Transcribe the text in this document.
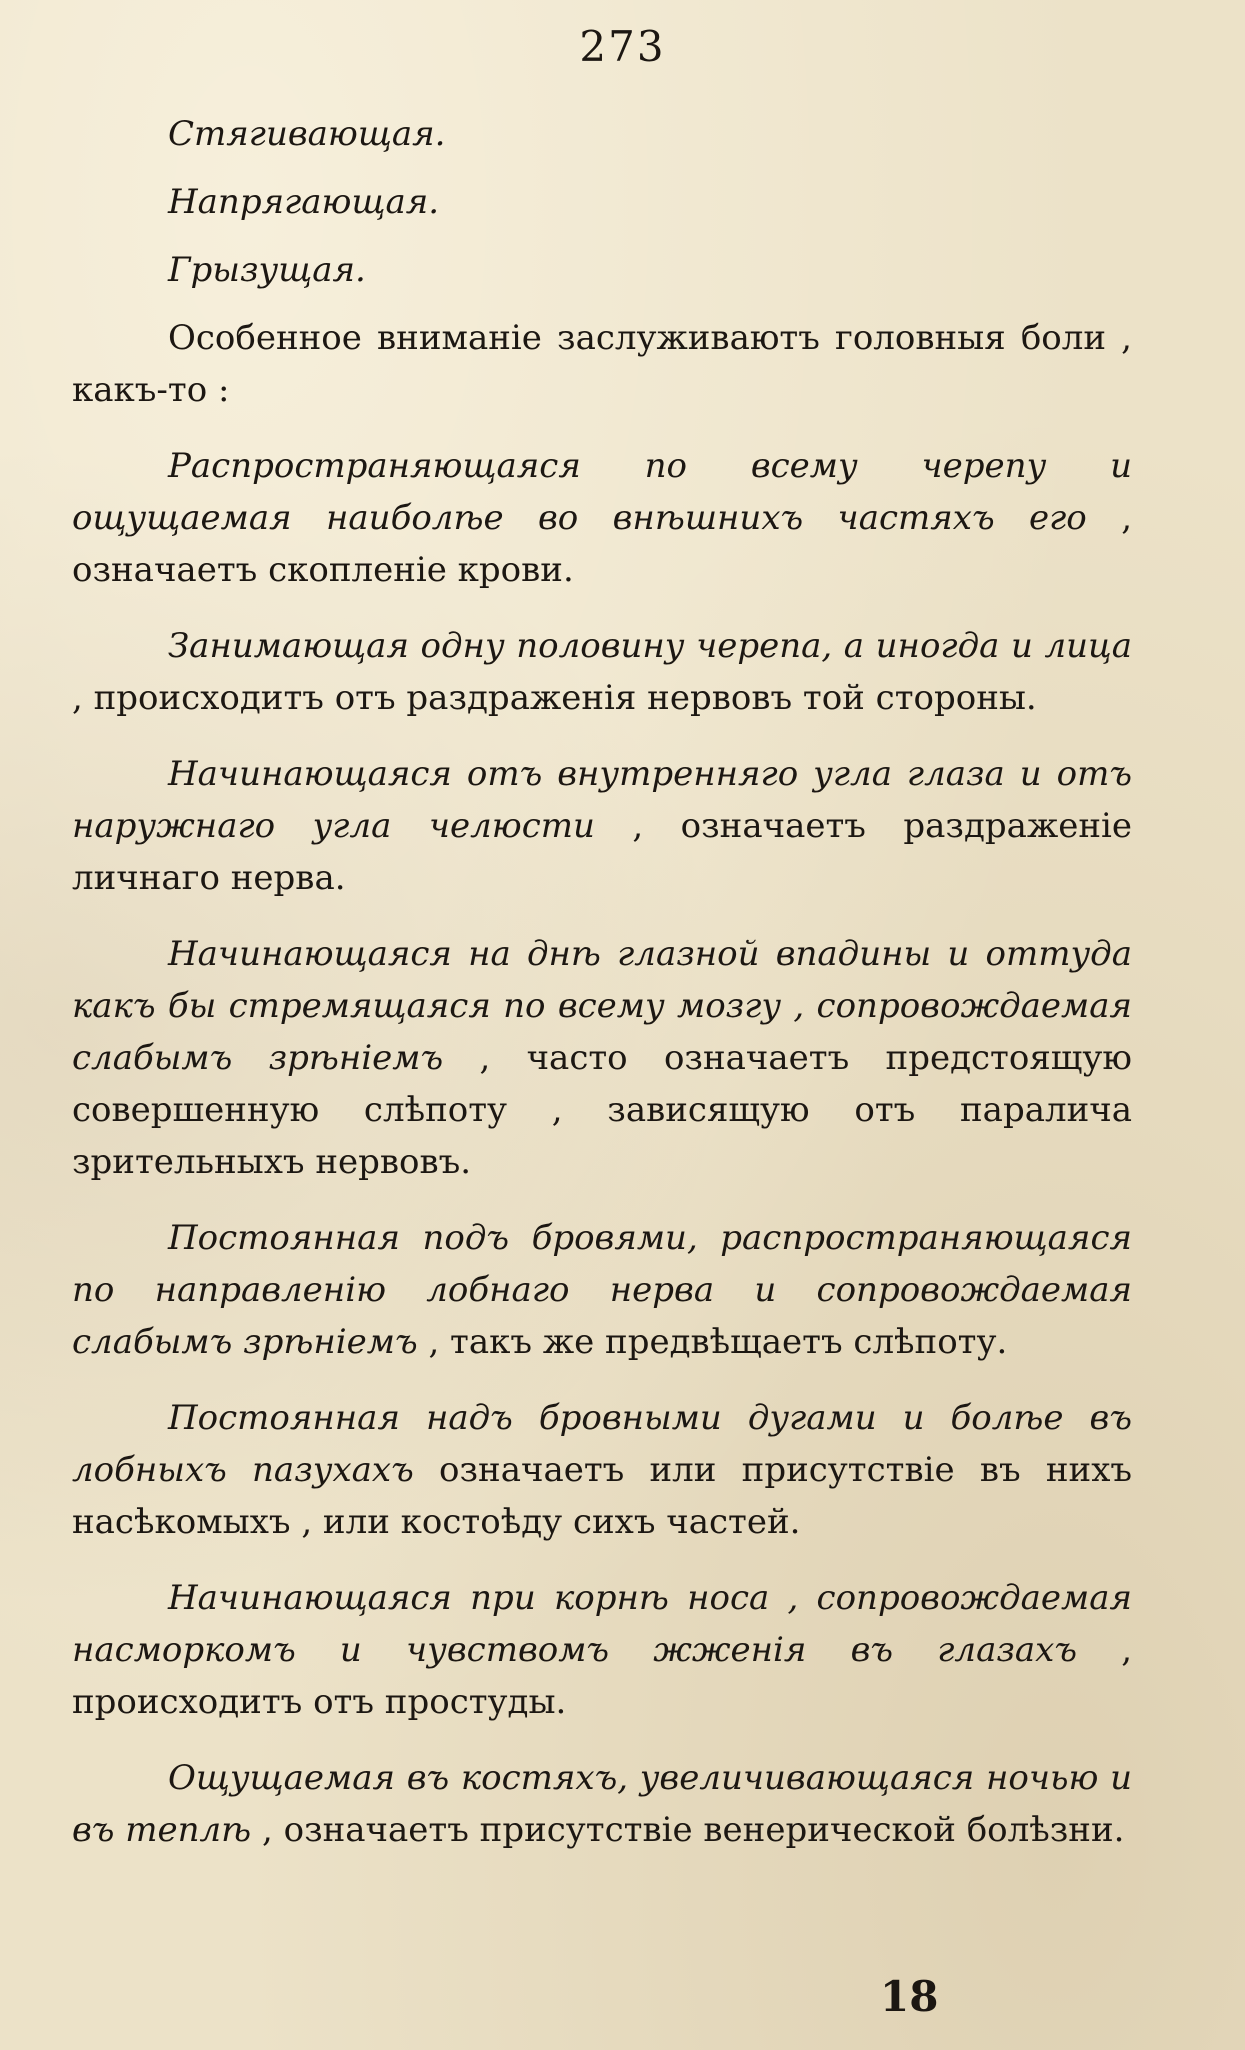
273
Стягивающая.
Напрягающая.
Грызущая.

Особенное вниманіе заслуживаютъ головныя боли , какъ-то :

Распространяющаяся по всему черепу и ощущаемая наиболѣе во внѣшнихъ частяхъ его , означаетъ скопленіе крови.

Занимающая одну половину черепа, а иногда и лица , происходитъ отъ раздраженія нервовъ той стороны.

Начинающаяся отъ внутренняго угла глаза и отъ наружнаго угла челюсти , означаетъ раздраженіе личнаго нерва.

Начинающаяся на днѣ глазной впадины и оттуда какъ бы стремящаяся по всему мозгу , сопровождаемая слабымъ зрѣніемъ , часто означаетъ предстоящую совершенную слѣпоту , зависящую отъ паралича зрительныхъ нервовъ.

Постоянная подъ бровями, распространяющаяся по направленію лобнаго нерва и сопровождаемая слабымъ зрѣніемъ , такъ же предвѣщаетъ слѣпоту.

Постоянная надъ бровными дугами и болѣе въ лобныхъ пазухахъ означаетъ или присутствіе въ нихъ насѣкомыхъ , или костоѣду сихъ частей.

Начинающаяся при корнѣ носа , сопровождаемая насморкомъ и чувствомъ жженія въ глазахъ , происходитъ отъ простуды.

Ощущаемая въ костяхъ, увеличивающаяся ночью и въ теплѣ , означаетъ присутствіе венерической болѣзни.

18
